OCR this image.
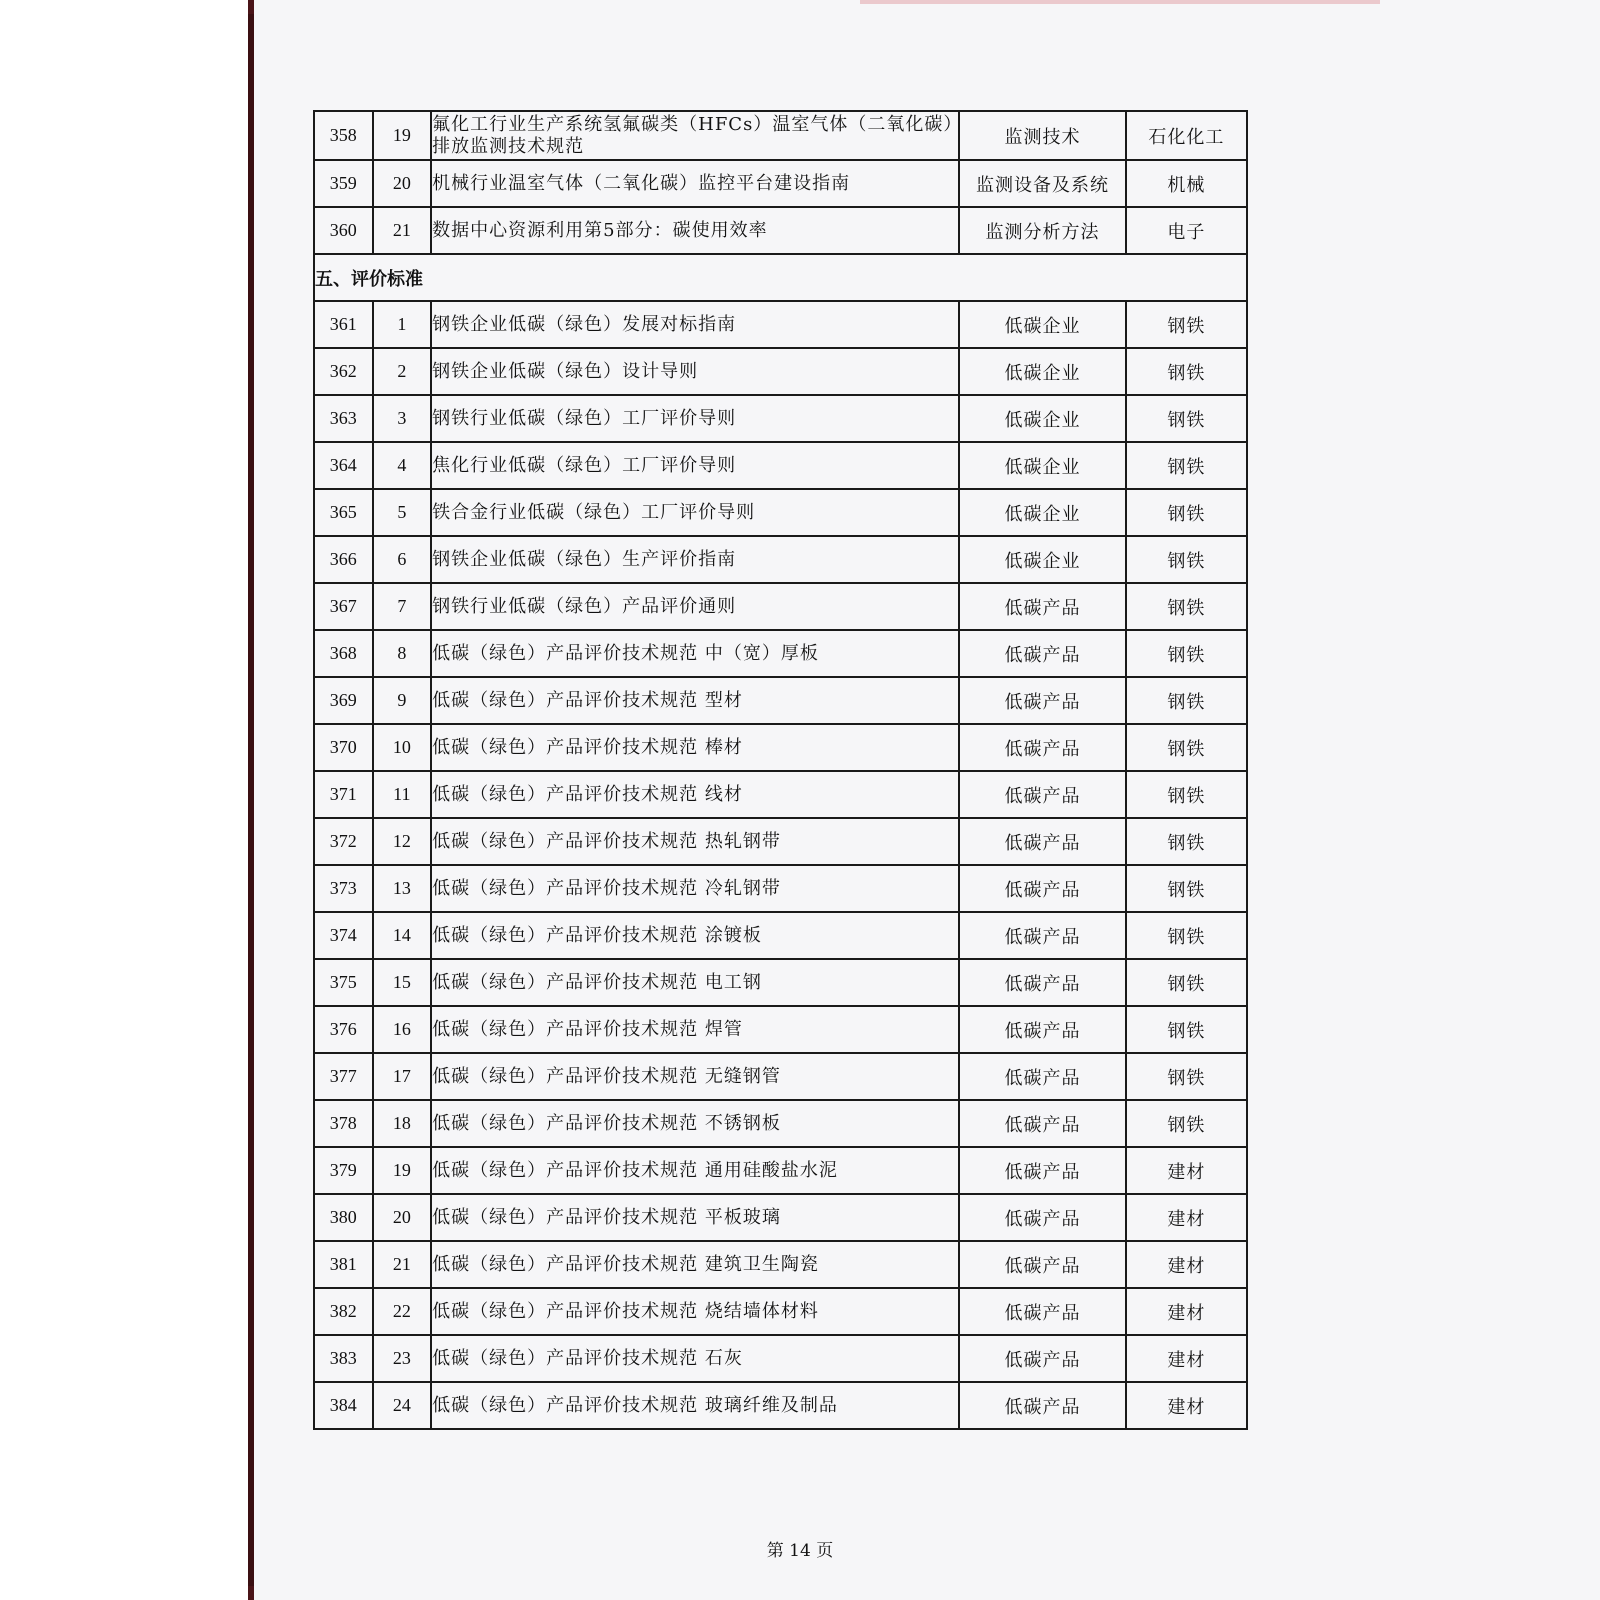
358	19	氟化工行业生产系统氢氟碳类（HFCs）温室气体（二氧化碳）排放监测技术规范	监测技术	石化化工
359	20	机械行业温室气体（二氧化碳）监控平台建设指南	监测设备及系统	机械
360	21	数据中心资源利用第5部分：碳使用效率	监测分析方法	电子
五、评价标准				
361	1	钢铁企业低碳（绿色）发展对标指南	低碳企业	钢铁
362	2	钢铁企业低碳（绿色）设计导则	低碳企业	钢铁
363	3	钢铁行业低碳（绿色）工厂评价导则	低碳企业	钢铁
364	4	焦化行业低碳（绿色）工厂评价导则	低碳企业	钢铁
365	5	铁合金行业低碳（绿色）工厂评价导则	低碳企业	钢铁
366	6	钢铁企业低碳（绿色）生产评价指南	低碳企业	钢铁
367	7	钢铁行业低碳（绿色）产品评价通则	低碳产品	钢铁
368	8	低碳（绿色）产品评价技术规范 中（宽）厚板	低碳产品	钢铁
369	9	低碳（绿色）产品评价技术规范 型材	低碳产品	钢铁
370	10	低碳（绿色）产品评价技术规范 棒材	低碳产品	钢铁
371	11	低碳（绿色）产品评价技术规范 线材	低碳产品	钢铁
372	12	低碳（绿色）产品评价技术规范 热轧钢带	低碳产品	钢铁
373	13	低碳（绿色）产品评价技术规范 冷轧钢带	低碳产品	钢铁
374	14	低碳（绿色）产品评价技术规范 涂镀板	低碳产品	钢铁
375	15	低碳（绿色）产品评价技术规范 电工钢	低碳产品	钢铁
376	16	低碳（绿色）产品评价技术规范 焊管	低碳产品	钢铁
377	17	低碳（绿色）产品评价技术规范 无缝钢管	低碳产品	钢铁
378	18	低碳（绿色）产品评价技术规范 不锈钢板	低碳产品	钢铁
379	19	低碳（绿色）产品评价技术规范 通用硅酸盐水泥	低碳产品	建材
380	20	低碳（绿色）产品评价技术规范 平板玻璃	低碳产品	建材
381	21	低碳（绿色）产品评价技术规范 建筑卫生陶瓷	低碳产品	建材
382	22	低碳（绿色）产品评价技术规范 烧结墙体材料	低碳产品	建材
383	23	低碳（绿色）产品评价技术规范 石灰	低碳产品	建材
384	24	低碳（绿色）产品评价技术规范 玻璃纤维及制品	低碳产品	建材
第 14 页
